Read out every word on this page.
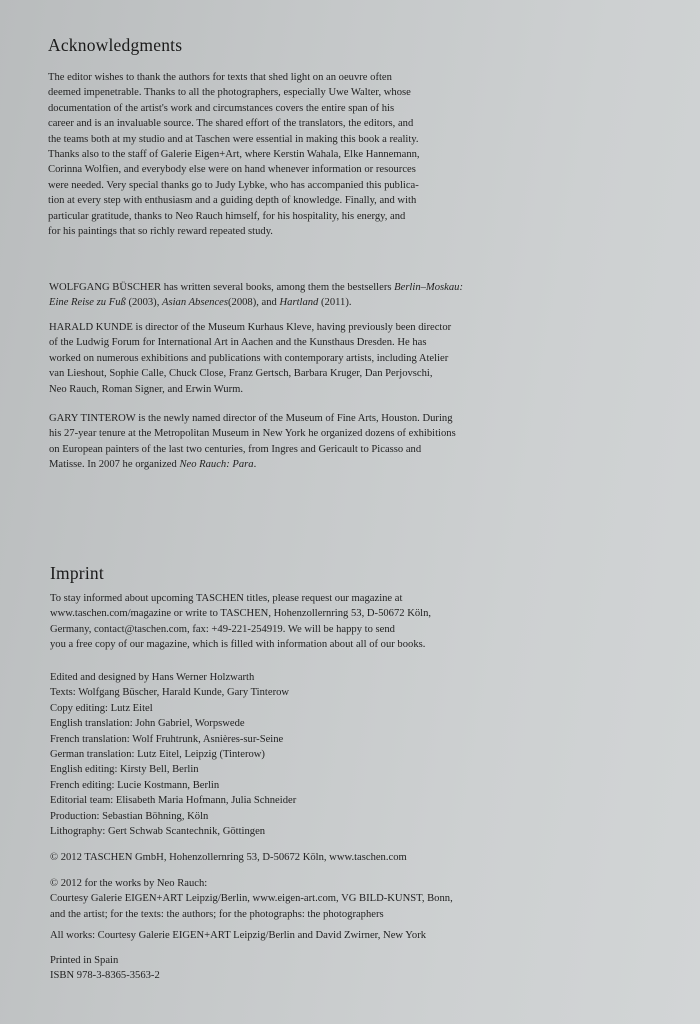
Acknowledgments
The editor wishes to thank the authors for texts that shed light on an oeuvre often
deemed impenetrable. Thanks to all the photographers, especially Uwe Walter, whose
documentation of the artist's work and circumstances covers the entire span of his
career and is an invaluable source. The shared effort of the translators, the editors, and
the teams both at my studio and at Taschen were essential in making this book a reality.
Thanks also to the staff of Galerie Eigen+Art, where Kerstin Wahala, Elke Hannemann,
Corinna Wolfien, and everybody else were on hand whenever information or resources
were needed. Very special thanks go to Judy Lybke, who has accompanied this publica-
tion at every step with enthusiasm and a guiding depth of knowledge. Finally, and with
particular gratitude, thanks to Neo Rauch himself, for his hospitality, his energy, and
for his paintings that so richly reward repeated study.
WOLFGANG BÜSCHER has written several books, among them the bestsellers Berlin–Moskau:
Eine Reise zu Fuß (2003), Asian Absences(2008), and Hartland (2011).
HARALD KUNDE is director of the Museum Kurhaus Kleve, having previously been director
of the Ludwig Forum for International Art in Aachen and the Kunsthaus Dresden. He has
worked on numerous exhibitions and publications with contemporary artists, including Atelier
van Lieshout, Sophie Calle, Chuck Close, Franz Gertsch, Barbara Kruger, Dan Perjovschi,
Neo Rauch, Roman Signer, and Erwin Wurm.
GARY TINTEROW is the newly named director of the Museum of Fine Arts, Houston. During
his 27-year tenure at the Metropolitan Museum in New York he organized dozens of exhibitions
on European painters of the last two centuries, from Ingres and Gericault to Picasso and
Matisse. In 2007 he organized Neo Rauch: Para.
Imprint
To stay informed about upcoming TASCHEN titles, please request our magazine at
www.taschen.com/magazine or write to TASCHEN, Hohenzollernring 53, D-50672 Köln,
Germany, contact@taschen.com, fax: +49-221-254919. We will be happy to send
you a free copy of our magazine, which is filled with information about all of our books.
Edited and designed by Hans Werner Holzwarth
Texts: Wolfgang Büscher, Harald Kunde, Gary Tinterow
Copy editing: Lutz Eitel
English translation: John Gabriel, Worpswede
French translation: Wolf Fruhtrunk, Asnières-sur-Seine
German translation: Lutz Eitel, Leipzig (Tinterow)
English editing: Kirsty Bell, Berlin
French editing: Lucie Kostmann, Berlin
Editorial team: Elisabeth Maria Hofmann, Julia Schneider
Production: Sebastian Böhning, Köln
Lithography: Gert Schwab Scantechnik, Göttingen
© 2012 TASCHEN GmbH, Hohenzollernring 53, D-50672 Köln, www.taschen.com
© 2012 for the works by Neo Rauch:
Courtesy Galerie EIGEN+ART Leipzig/Berlin, www.eigen-art.com, VG BILD-KUNST, Bonn,
and the artist; for the texts: the authors; for the photographs: the photographers
All works: Courtesy Galerie EIGEN+ART Leipzig/Berlin and David Zwirner, New York
Printed in Spain
ISBN 978-3-8365-3563-2
